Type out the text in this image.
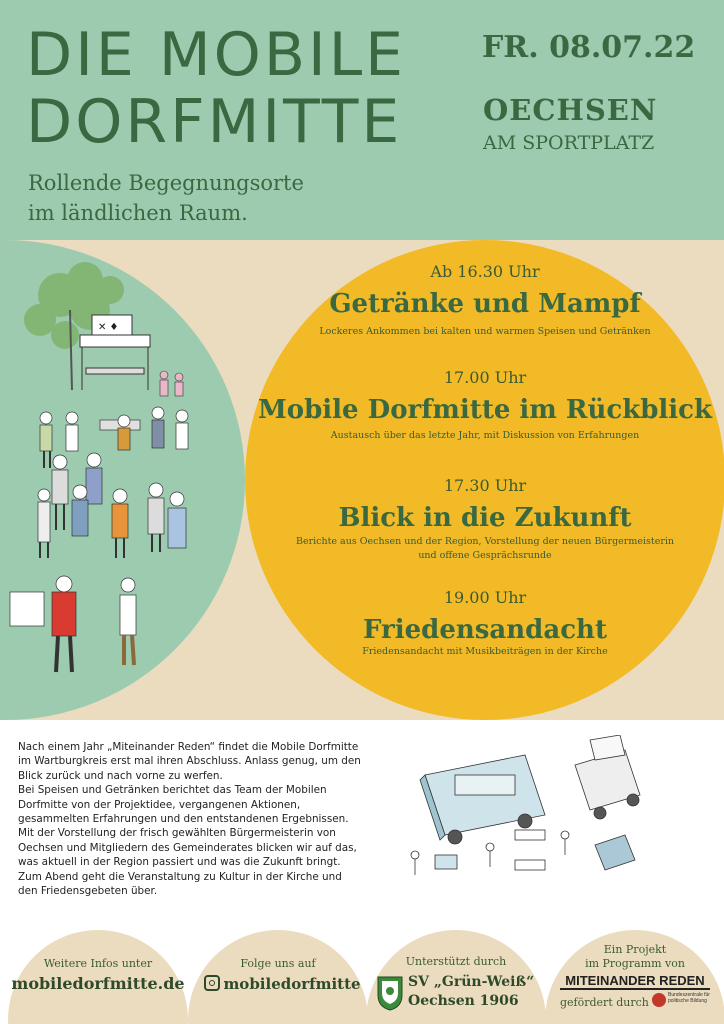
DIE MOBILE
DORFMITTE
Rollende Begegnungsorte
im ländlichen Raum.
FR. 08.07.22
OECHSEN
AM SPORTPLATZ
✕ ♦
Ab 16.30 Uhr
Getränke und Mampf
Lockeres Ankommen bei kalten und warmen Speisen und Getränken
17.00 Uhr
Mobile Dorfmitte im Rückblick
Austausch über das letzte Jahr, mit Diskussion von Erfahrungen
17.30 Uhr
Blick in die Zukunft
Berichte aus Oechsen und der Region, Vorstellung der neuen Bürgermeisterin
und offene Gesprächsrunde
19.00 Uhr
Friedensandacht
Friedensandacht mit Musikbeiträgen in der Kirche

Nach einem Jahr „Miteinander Reden“ findet die Mobile Dorfmitte im Wartburgkreis erst mal ihren Abschluss. Anlass genug, um den Blick zurück und nach vorne zu werfen.

Bei Speisen und Getränken berichtet das Team der Mobilen Dorfmitte von der Projektidee, vergangenen Aktionen, gesammelten Erfahrungen und den entstandenen Ergebnissen. Mit der Vorstellung der frisch gewählten Bürgermeisterin von Oechsen und Mitgliedern des Gemeinderates blicken wir auf das, was aktuell in der Region passiert und was die Zukunft bringt.

Zum Abend geht die Veranstaltung zu Kultur in der Kirche und den Friedensgebeten über.

Weitere Infos unter
mobiledorfmitte.de
Folge uns auf
mobiledorfmitte
Unterstützt durch
SV „Grün-Weiß“
Oechsen 1906
Ein Projekt
im Programm von
MITEINANDER REDEN
gefördert durch
Bundeszentrale für politische Bildung
